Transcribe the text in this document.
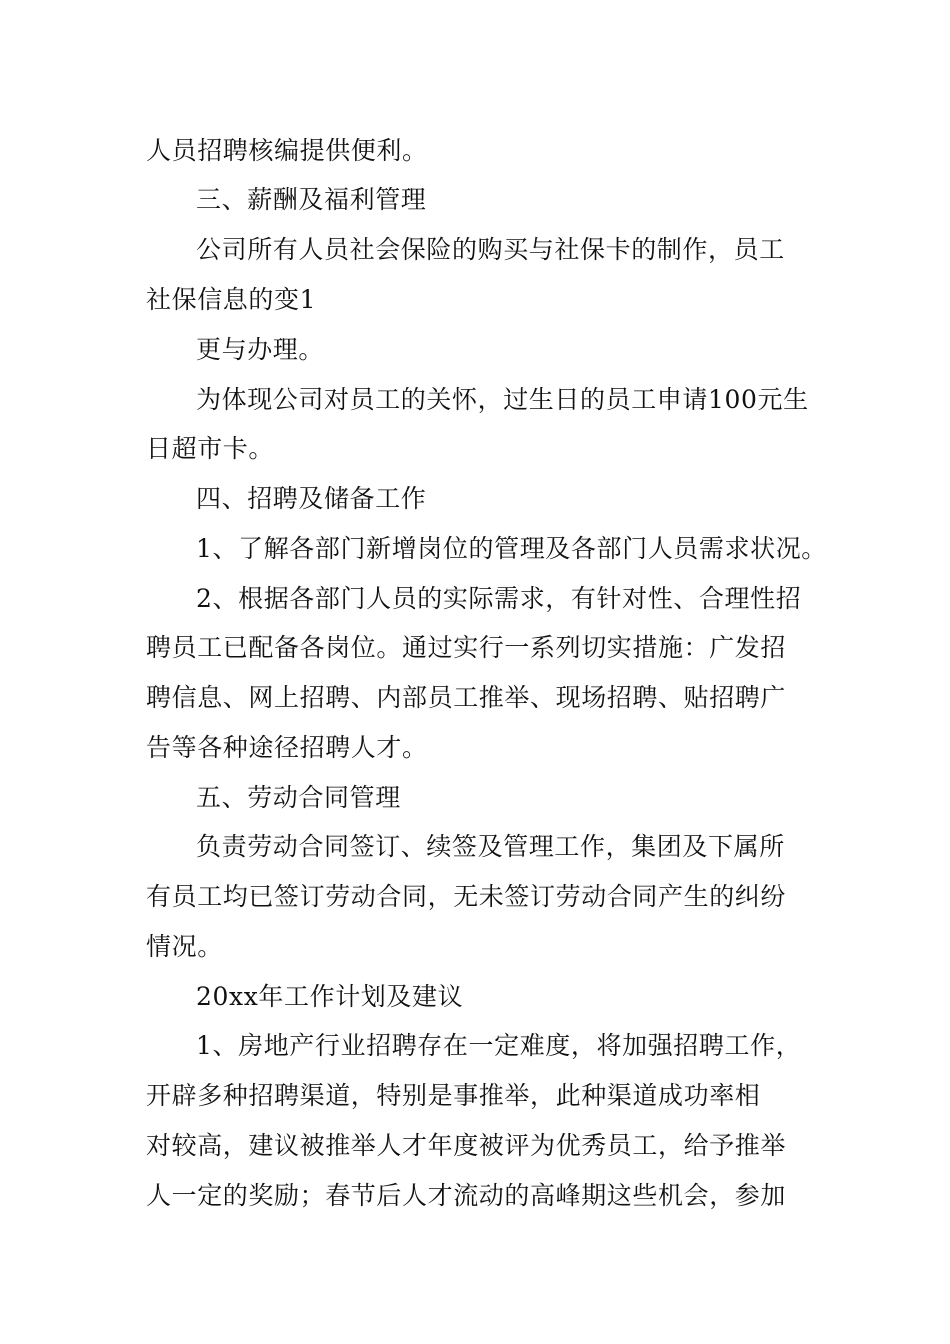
人员招聘核编提供便利。
三、薪酬及福利管理
公司所有人员社会保险的购买与社保卡的制作，员工
社保信息的变1
更与办理。
为体现公司对员工的关怀，过生日的员工申请100元生
日超市卡。
四、招聘及储备工作
1、了解各部门新增岗位的管理及各部门人员需求状况。
2、根据各部门人员的实际需求，有针对性、合理性招
聘员工已配备各岗位。通过实行一系列切实措施：广发招
聘信息、网上招聘、内部员工推举、现场招聘、贴招聘广
告等各种途径招聘人才。
五、劳动合同管理
负责劳动合同签订、续签及管理工作，集团及下属所
有员工均已签订劳动合同，无未签订劳动合同产生的纠纷
情况。
20xx年工作计划及建议
1、房地产行业招聘存在一定难度，将加强招聘工作，
开辟多种招聘渠道，特别是事推举，此种渠道成功率相
对较高，建议被推举人才年度被评为优秀员工，给予推举
人一定的奖励；春节后人才流动的高峰期这些机会，参加
